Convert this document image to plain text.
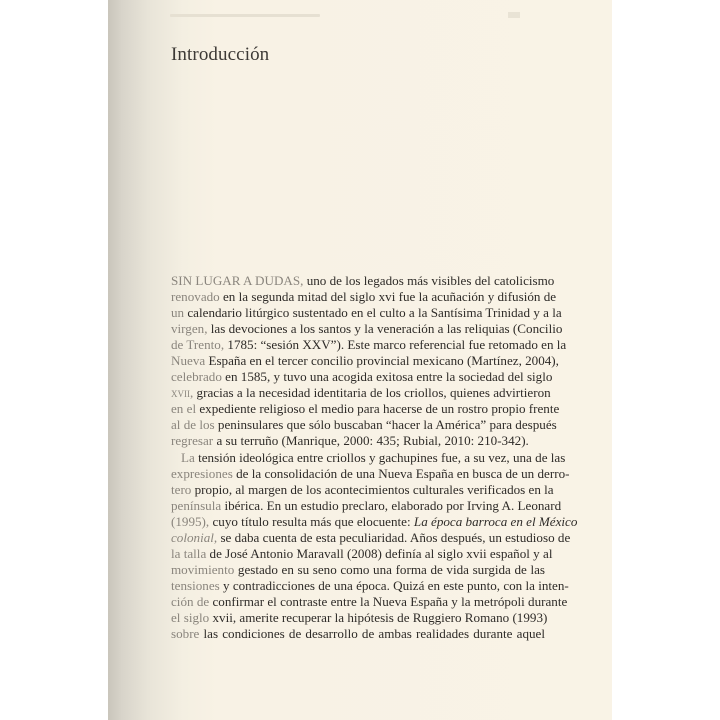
Introducción

SIN LUGAR A DUDAS, uno de los legados más visibles del catolicismo
renovado en la segunda mitad del siglo xvi fue la acuñación y difusión de
un calendario litúrgico sustentado en el culto a la Santísima Trinidad y a la
virgen, las devociones a los santos y la veneración a las reliquias (Concilio
de Trento, 1785: “sesión XXV”). Este marco referencial fue retomado en la
Nueva España en el tercer concilio provincial mexicano (Martínez, 2004),
celebrado en 1585, y tuvo una acogida exitosa entre la sociedad del siglo
xvii, gracias a la necesidad identitaria de los criollos, quienes advirtieron
en el expediente religioso el medio para hacerse de un rostro propio frente
al de los peninsulares que sólo buscaban “hacer la América” para después
regresar a su terruño (Manrique, 2000: 435; Rubial, 2010: 210-342).

La tensión ideológica entre criollos y gachupines fue, a su vez, una de las
expresiones de la consolidación de una Nueva España en busca de un derro-
tero propio, al margen de los acontecimientos culturales verificados en la
península ibérica. En un estudio preclaro, elaborado por Irving A. Leonard
(1995), cuyo título resulta más que elocuente: La época barroca en el México
colonial, se daba cuenta de esta peculiaridad. Años después, un estudioso de
la talla de José Antonio Maravall (2008) definía al siglo xvii español y al
movimiento gestado en su seno como una forma de vida surgida de las
tensiones y contradicciones de una época. Quizá en este punto, con la inten-
ción de confirmar el contraste entre la Nueva España y la metrópoli durante
el siglo xvii, amerite recuperar la hipótesis de Ruggiero Romano (1993)
sobre las condiciones de desarrollo de ambas realidades durante aquel
